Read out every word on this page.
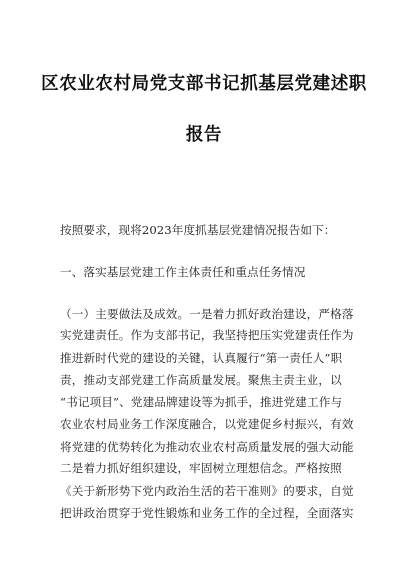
区农业农村局党支部书记抓基层党建述职
报告
按照要求，现将2023年度抓基层党建情况报告如下：
一、落实基层党建工作主体责任和重点任务情况
（一）主要做法及成效。一是着力抓好政治建设，严格落
实党建责任。作为支部书记，我坚持把压实党建责任作为
推进新时代党的建设的关键，认真履行“第一责任人”职
责，推动支部党建工作高质量发展。聚焦主责主业，以
“书记项目”、党建品牌建设等为抓手，推进党建工作与
农业农村局业务工作深度融合，以党建促乡村振兴，有效
将党建的优势转化为推动农业农村高质量发展的强大动能
二是着力抓好组织建设，牢固树立理想信念。严格按照
《关于新形势下党内政治生活的若干准则》的要求，自觉
把讲政治贯穿于党性锻炼和业务工作的全过程，全面落实
